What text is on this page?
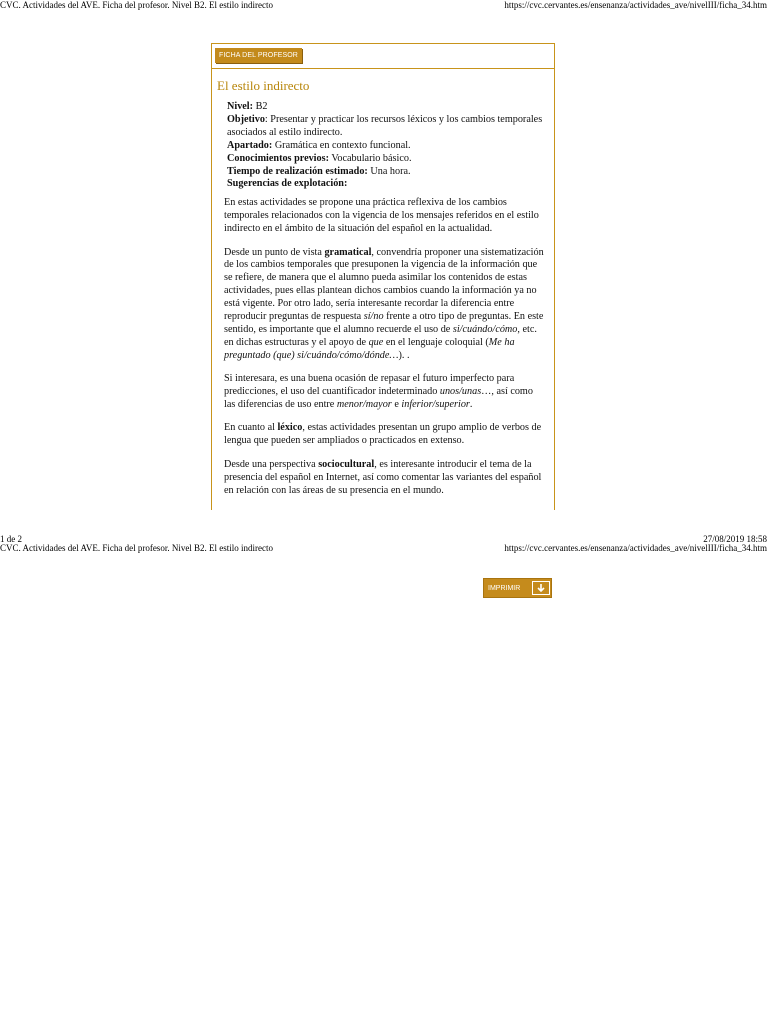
CVC. Actividades del AVE. Ficha del profesor. Nivel B2. El estilo indirecto	https://cvc.cervantes.es/ensenanza/actividades_ave/nivelIII/ficha_34.htm
FICHA DEL PROFESOR
El estilo indirecto
Nivel: B2
Objetivo: Presentar y practicar los recursos léxicos y los cambios temporales asociados al estilo indirecto.
Apartado: Gramática en contexto funcional.
Conocimientos previos: Vocabulario básico.
Tiempo de realización estimado: Una hora.
Sugerencias de explotación:

En estas actividades se propone una práctica reflexiva de los cambios temporales relacionados con la vigencia de los mensajes referidos en el estilo indirecto en el ámbito de la situación del español en la actualidad.

Desde un punto de vista gramatical, convendría proponer una sistematización de los cambios temporales que presuponen la vigencia de la información que se refiere, de manera que el alumno pueda asimilar los contenidos de estas actividades, pues ellas plantean dichos cambios cuando la información ya no está vigente. Por otro lado, sería interesante recordar la diferencia entre reproducir preguntas de respuesta sí/no frente a otro tipo de preguntas. En este sentido, es importante que el alumno recuerde el uso de si/cuándo/cómo, etc. en dichas estructuras y el apoyo de que en el lenguaje coloquial (Me ha preguntado (que) si/cuándo/cómo/dónde…). .

Si interesara, es una buena ocasión de repasar el futuro imperfecto para predicciones, el uso del cuantificador indeterminado unos/unas…, así como las diferencias de uso entre menor/mayor e inferior/superior.

En cuanto al léxico, estas actividades presentan un grupo amplio de verbos de lengua que pueden ser ampliados o practicados en extenso.

Desde una perspectiva sociocultural, es interesante introducir el tema de la presencia del español en Internet, así como comentar las variantes del español en relación con las áreas de su presencia en el mundo.

1 de 2	27/08/2019 18:58
CVC. Actividades del AVE. Ficha del profesor. Nivel B2. El estilo indirecto	https://cvc.cervantes.es/ensenanza/actividades_ave/nivelIII/ficha_34.htm
IMPRIMIR
